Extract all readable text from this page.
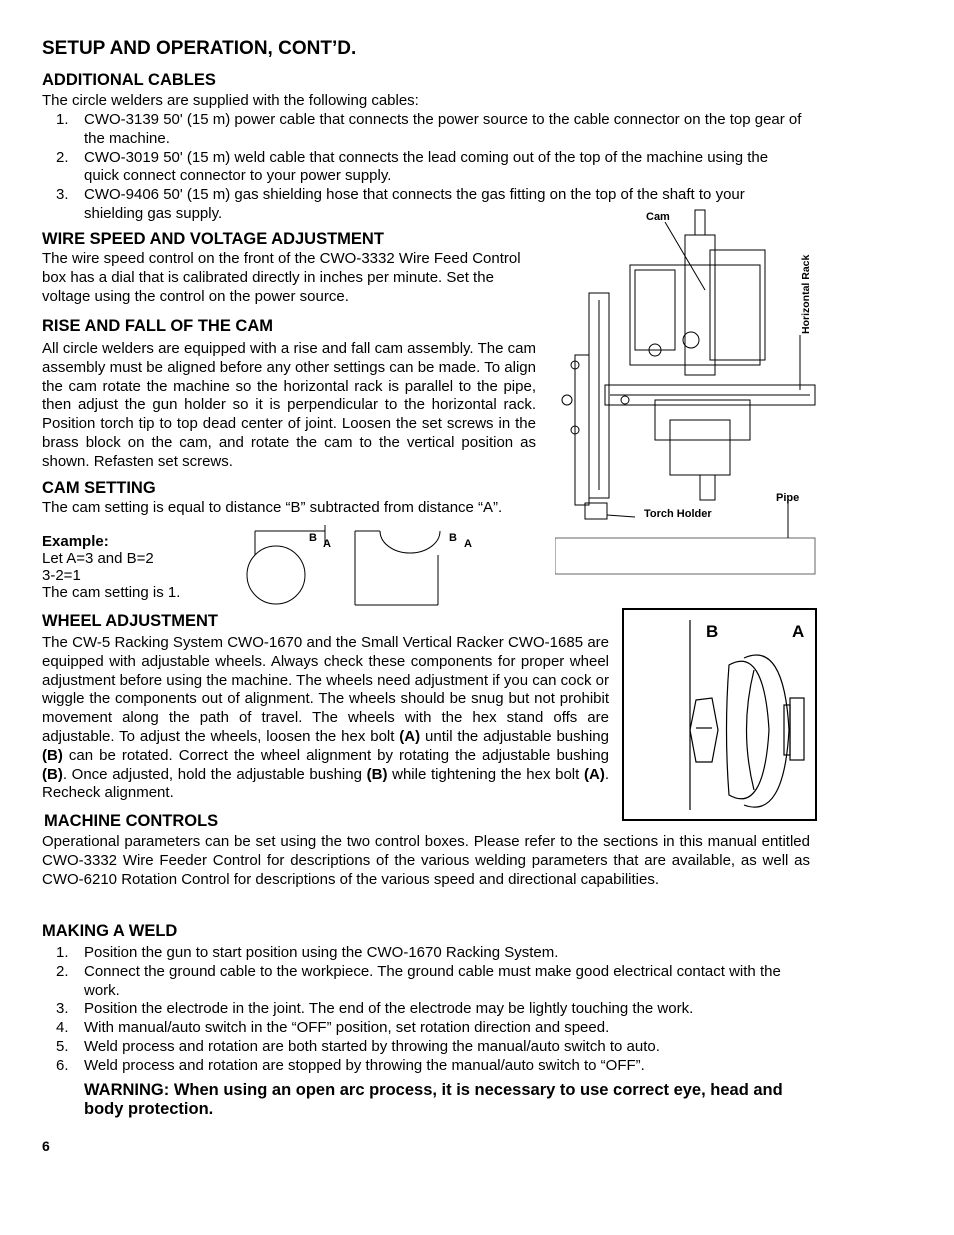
SETUP AND OPERATION, CONT’D.
ADDITIONAL CABLES
The circle welders are supplied with the following cables:
1. CWO-3139 50' (15 m) power cable that connects the power source to the cable connector on the top gear of the machine.
2. CWO-3019 50' (15 m) weld cable that connects the lead coming out of the top of the machine using the quick connect connector to your power supply.
3. CWO-9406 50' (15 m) gas shielding hose that connects the gas fitting on the top of the shaft to your shielding gas supply.
WIRE SPEED AND VOLTAGE ADJUSTMENT
The wire speed control on the front of the CWO-3332 Wire Feed Control box has a dial that is calibrated directly in inches per minute. Set the voltage using the control on the power source.
RISE AND FALL OF THE CAM
All circle welders are equipped with a rise and fall cam assembly. The cam assembly must be aligned before any other settings can be made. To align the cam rotate the machine so the horizontal rack is parallel to the pipe, then adjust the gun holder so it is perpendicular to the horizontal rack. Position torch tip to top dead center of joint. Loosen the set screws in the brass block on the cam, and rotate the cam to the vertical position as shown. Refasten set screws.
CAM SETTING
The cam setting is equal to distance “B” subtracted from distance “A”.
Example:
Let A=3 and B=2
3-2=1
The cam setting is 1.
B A	B A
Cam
Horizontal Rack
Torch Holder
Pipe
WHEEL ADJUSTMENT
The CW-5 Racking System CWO-1670 and the Small Vertical Racker CWO-1685 are equipped with adjustable wheels. Always check these components for proper wheel adjustment before using the machine. The wheels need adjustment if you can cock or wiggle the components out of alignment. The wheels should be snug but not prohibit movement along the path of travel. The wheels with the hex stand offs are adjustable. To adjust the wheels, loosen the hex bolt (A) until the adjustable bushing (B) can be rotated. Correct the wheel alignment by rotating the adjustable bushing (B). Once adjusted, hold the adjustable bushing (B) while tightening the hex bolt (A). Recheck alignment.
B	A
MACHINE CONTROLS
Operational parameters can be set using the two control boxes. Please refer to the sections in this manual entitled CWO-3332 Wire Feeder Control for descriptions of the various welding parameters that are available, as well as CWO-6210 Rotation Control for descriptions of the various speed and directional capabilities.
MAKING A WELD
1. Position the gun to start position using the CWO-1670 Racking System.
2. Connect the ground cable to the workpiece. The ground cable must make good electrical contact with the work.
3. Position the electrode in the joint. The end of the electrode may be lightly touching the work.
4. With manual/auto switch in the “OFF” position, set rotation direction and speed.
5. Weld process and rotation are both started by throwing the manual/auto switch to auto.
6. Weld process and rotation are stopped by throwing the manual/auto switch to “OFF”.
WARNING: When using an open arc process, it is necessary to use correct eye, head and body protection.
6
